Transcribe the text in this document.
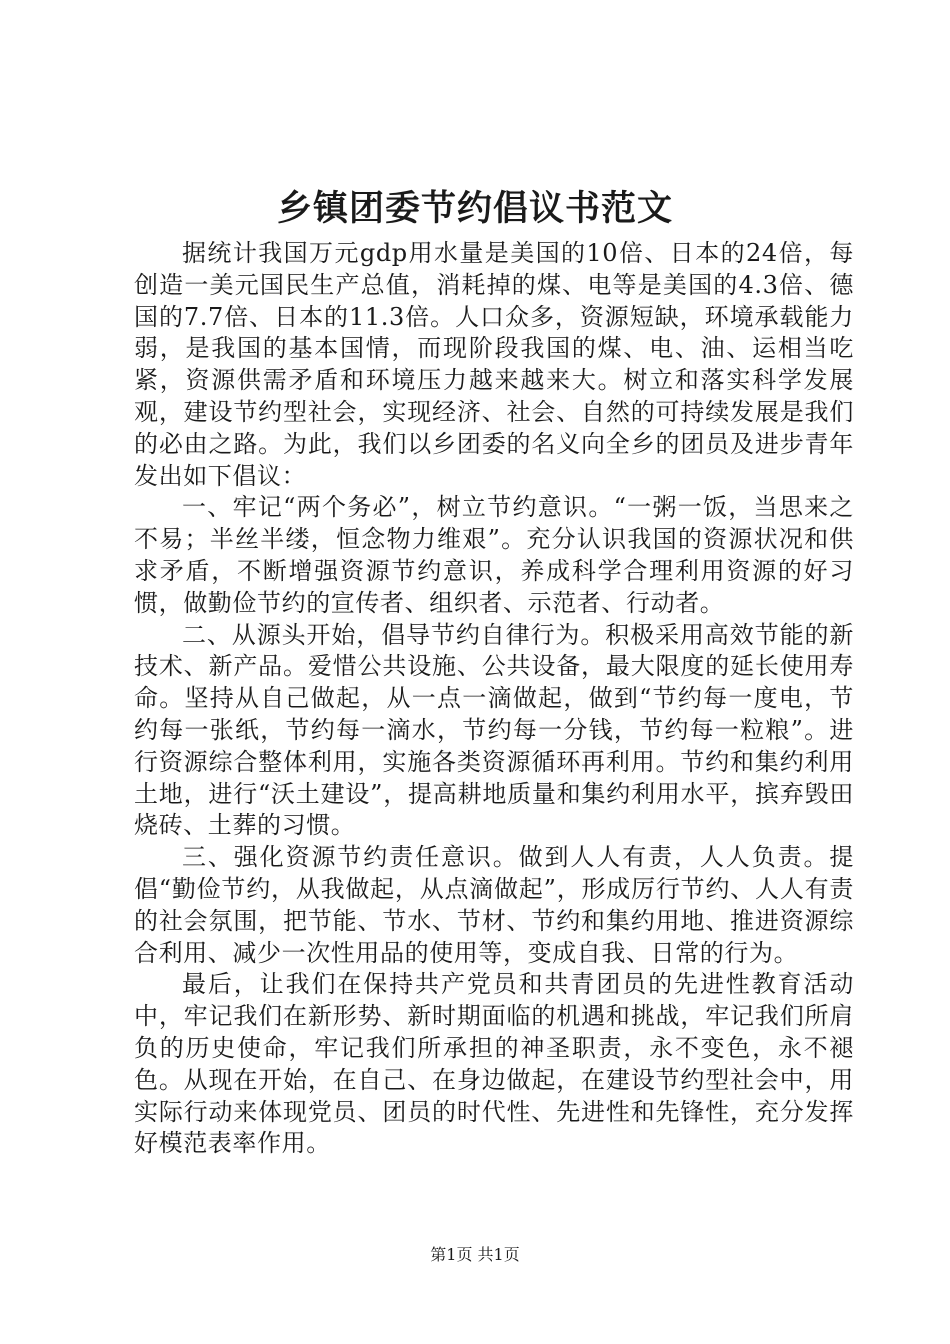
乡镇团委节约倡议书范文

据统计我国万元gdp用水量是美国的10倍、日本的24倍，每创造一美元国民生产总值，消耗掉的煤、电等是美国的4.3倍、德国的7.7倍、日本的11.3倍。人口众多，资源短缺，环境承载能力弱，是我国的基本国情，而现阶段我国的煤、电、油、运相当吃紧，资源供需矛盾和环境压力越来越来大。树立和落实科学发展观，建设节约型社会，实现经济、社会、自然的可持续发展是我们的必由之路。为此，我们以乡团委的名义向全乡的团员及进步青年发出如下倡议：

一、牢记“两个务必”，树立节约意识。“一粥一饭，当思来之不易；半丝半缕，恒念物力维艰”。充分认识我国的资源状况和供求矛盾，不断增强资源节约意识，养成科学合理利用资源的好习惯，做勤俭节约的宣传者、组织者、示范者、行动者。

二、从源头开始，倡导节约自律行为。积极采用高效节能的新技术、新产品。爱惜公共设施、公共设备，最大限度的延长使用寿命。坚持从自己做起，从一点一滴做起，做到“节约每一度电，节约每一张纸，节约每一滴水，节约每一分钱，节约每一粒粮”。进行资源综合整体利用，实施各类资源循环再利用。节约和集约利用土地，进行“沃土建设”，提高耕地质量和集约利用水平，摈弃毁田烧砖、土葬的习惯。

三、强化资源节约责任意识。做到人人有责，人人负责。提倡“勤俭节约，从我做起，从点滴做起”，形成厉行节约、人人有责的社会氛围，把节能、节水、节材、节约和集约用地、推进资源综合利用、减少一次性用品的使用等，变成自我、日常的行为。

最后，让我们在保持共产党员和共青团员的先进性教育活动中，牢记我们在新形势、新时期面临的机遇和挑战，牢记我们所肩负的历史使命，牢记我们所承担的神圣职责，永不变色，永不褪色。从现在开始，在自己、在身边做起，在建设节约型社会中，用实际行动来体现党员、团员的时代性、先进性和先锋性，充分发挥好模范表率作用。

第1页 共1页
